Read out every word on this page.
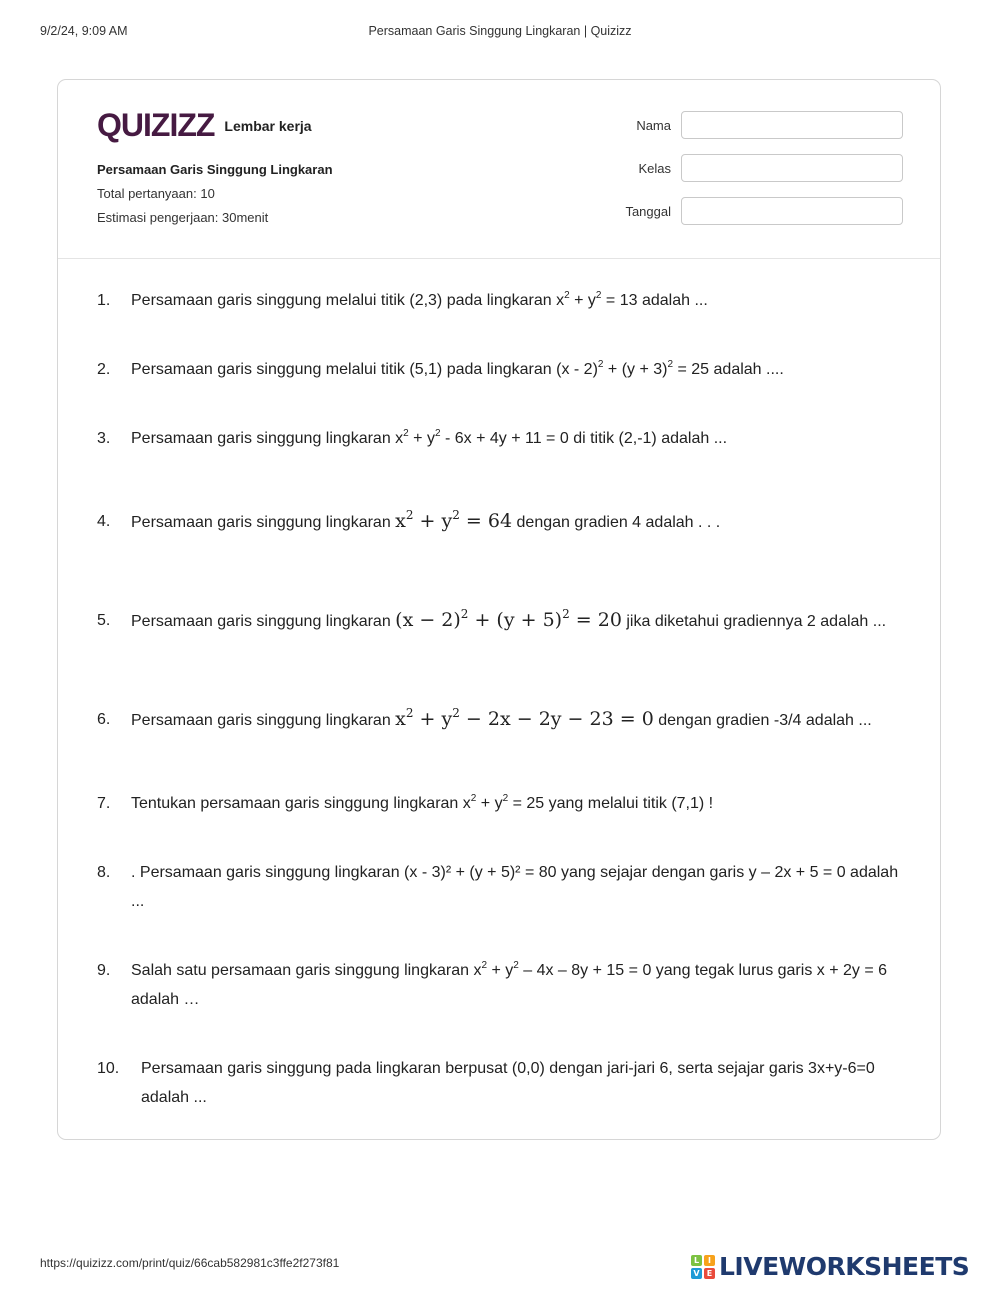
9/2/24, 9:09 AM	Persamaan Garis Singgung Lingkaran | Quizizz
QUIZIZZ Lembar kerja
Persamaan Garis Singgung Lingkaran
Total pertanyaan: 10
Estimasi pengerjaan: 30menit
Nama
Kelas
Tanggal
1. Persamaan garis singgung melalui titik (2,3) pada lingkaran $x^2 + y^2 = 13$ adalah ...
2. Persamaan garis singgung melalui titik (5,1) pada lingkaran $(x - 2)^2 + (y + 3)^2 = 25$ adalah ....
3. Persamaan garis singgung lingkaran $x^2 + y^2 - 6x + 4y + 11 = 0$ di titik (2,-1) adalah ...
4. Persamaan garis singgung lingkaran $x^2 + y^2 = 64$ dengan gradien 4 adalah . . .
5. Persamaan garis singgung lingkaran $(x - 2)^2 + (y + 5)^2 = 20$ jika diketahui gradiennya 2 adalah ...
6. Persamaan garis singgung lingkaran $x^2 + y^2 - 2x - 2y - 23 = 0$ dengan gradien -3/4 adalah ...
7. Tentukan persamaan garis singgung lingkaran $x^2 + y^2 = 25$ yang melalui titik (7,1) !
8. . Persamaan garis singgung lingkaran (x - 3)² + (y + 5)² = 80 yang sejajar dengan garis y – 2x + 5 = 0 adalah ...
9. Salah satu persamaan garis singgung lingkaran $x^2 + y^2 - 4x - 8y + 15 = 0$ yang tegak lurus garis x + 2y = 6 adalah …
10. Persamaan garis singgung pada lingkaran berpusat (0,0) dengan jari-jari 6, serta sejajar garis 3x+y-6=0 adalah ...
https://quizizz.com/print/quiz/66cab582981c3ffe2f273f81	L	I
V E LIVEWORKSHEETS
